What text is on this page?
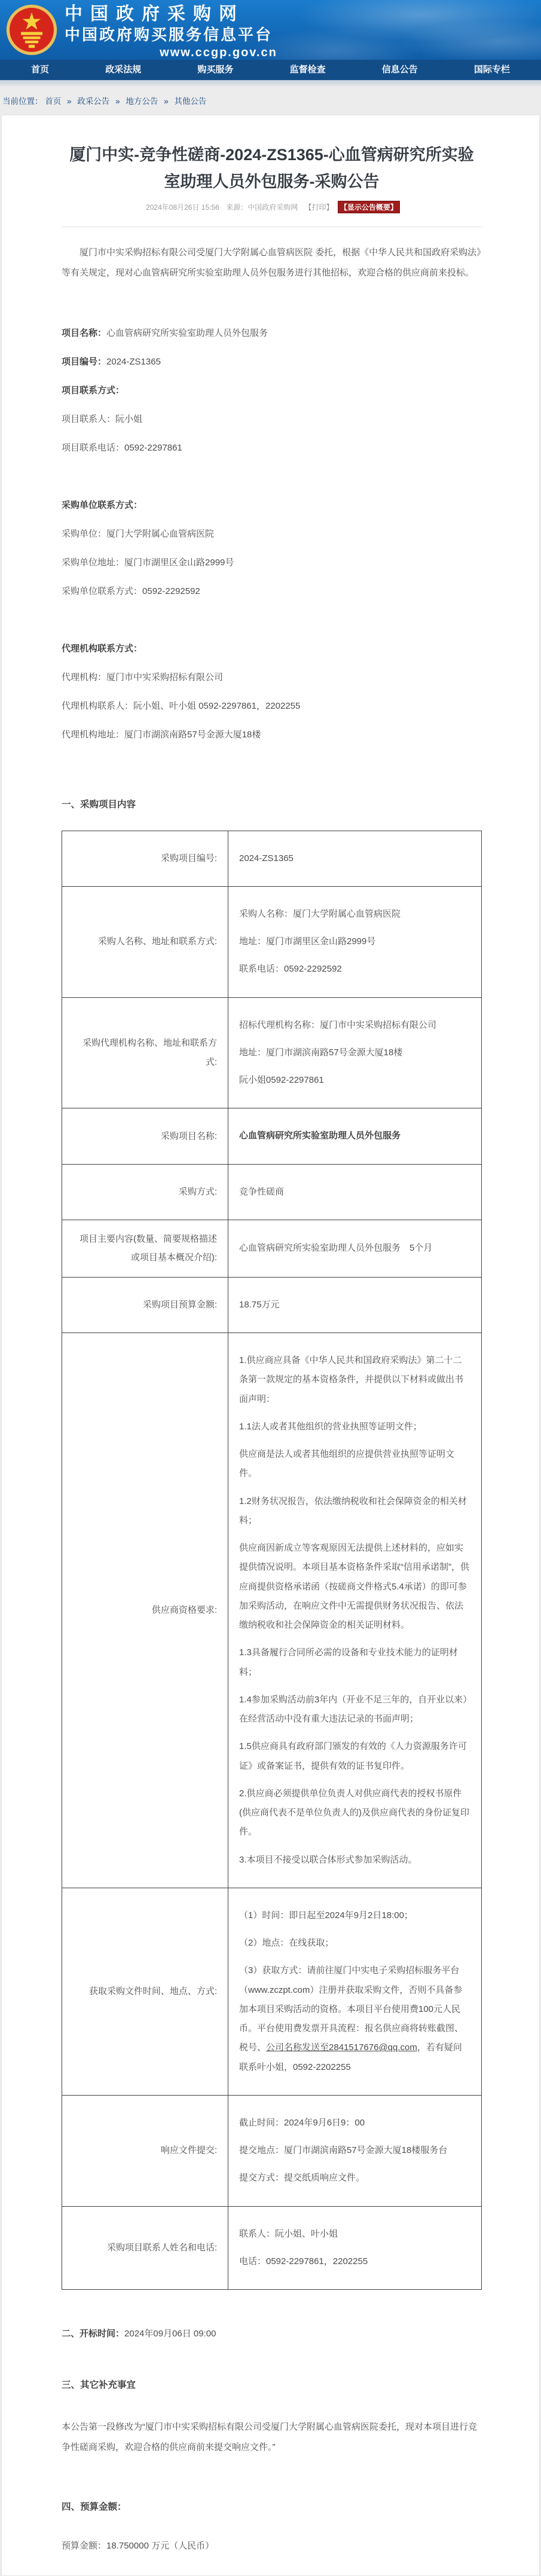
中国政府采购网
中国政府购买服务信息平台
www.ccgp.gov.cn
首页	政采法规	购买服务	监督检查	信息公告	国际专栏
当前位置： 首页 » 政采公告 » 地方公告 » 其他公告
厦门中实-竞争性磋商-2024-ZS1365-心血管病研究所实验室助理人员外包服务-采购公告
2024年08月26日 15:56 来源：中国政府采购网 【打印】 【显示公告概要】

厦门市中实采购招标有限公司受厦门大学附属心血管病医院 委托，根据《中华人民共和国政府采购法》等有关规定，现对心血管病研究所实验室助理人员外包服务进行其他招标，欢迎合格的供应商前来投标。

项目名称：心血管病研究所实验室助理人员外包服务

项目编号：2024-ZS1365

项目联系方式：

项目联系人：阮小姐

项目联系电话：0592-2297861

采购单位联系方式：

采购单位：厦门大学附属心血管病医院

采购单位地址：厦门市湖里区金山路2999号

采购单位联系方式：0592-2292592

代理机构联系方式：

代理机构：厦门市中实采购招标有限公司

代理机构联系人：阮小姐、叶小姐 0592-2297861，2202255

代理机构地址：厦门市湖滨南路57号金源大厦18楼

一、采购项目内容
采购项目编号:	2024-ZS1365

采购人名称、地址和联系方式:	采购人名称：厦门大学附属心血管病医院

地址：厦门市湖里区金山路2999号

联系电话：0592-2292592

采购代理机构名称、地址和联系方式:	招标代理机构名称：厦门市中实采购招标有限公司

地址：厦门市湖滨南路57号金源大厦18楼

阮小姐0592-2297861

采购项目名称:	心血管病研究所实验室助理人员外包服务

采购方式:	竞争性磋商

项目主要内容(数量、简要规格描述或项目基本概况介绍):	心血管病研究所实验室助理人员外包服务　5个月

采购项目预算金额:	18.75万元

供应商资格要求:	

1.供应商应具备《中华人民共和国政府采购法》第二十二条第一款规定的基本资格条件，并提供以下材料或做出书面声明：

1.1法人或者其他组织的营业执照等证明文件；

供应商是法人或者其他组织的应提供营业执照等证明文件。

1.2财务状况报告，依法缴纳税收和社会保障资金的相关材料；

供应商因新成立等客观原因无法提供上述材料的，应如实提供情况说明。本项目基本资格条件采取“信用承诺制”，供应商提供资格承诺函（按磋商文件格式5.4承诺）的即可参加采购活动，在响应文件中无需提供财务状况报告、依法缴纳税收和社会保障资金的相关证明材料。

1.3具备履行合同所必需的设备和专业技术能力的证明材料；

1.4参加采购活动前3年内（开业不足三年的，自开业以来）在经营活动中没有重大违法记录的书面声明；

1.5供应商具有政府部门颁发的有效的《人力资源服务许可证》或备案证书，提供有效的证书复印件。

2.供应商必须提供单位负责人对供应商代表的授权书原件(供应商代表不是单位负责人的)及供应商代表的身份证复印件。

3.本项目不接受以联合体形式参加采购活动。

获取采购文件时间、地点、方式:	（1）时间：即日起至2024年9月2日18:00；

（2）地点：在线获取；

（3）获取方式：请前往厦门中实电子采购招标服务平台（www.zczpt.com）注册并获取采购文件，否则不具备参加本项目采购活动的资格。本项目平台使用费100元人民币。平台使用费发票开具流程：报名供应商将转账截图、税号、公司名称发送至2841517676@qq.com，若有疑问联系叶小姐，0592-2202255

响应文件提交:	截止时间：2024年9月6日9：00

提交地点：厦门市湖滨南路57号金源大厦18楼服务台

提交方式：提交纸质响应文件。

采购项目联系人姓名和电话:	联系人：阮小姐、叶小姐

电话：0592-2297861，2202255

二、开标时间：2024年09月06日 09:00

三、其它补充事宜

本公告第一段修改为“厦门市中实采购招标有限公司受厦门大学附属心血管病医院委托，现对本项目进行竞争性磋商采购，欢迎合格的供应商前来提交响应文件。”

四、预算金额：

预算金额：18.750000 万元（人民币）
